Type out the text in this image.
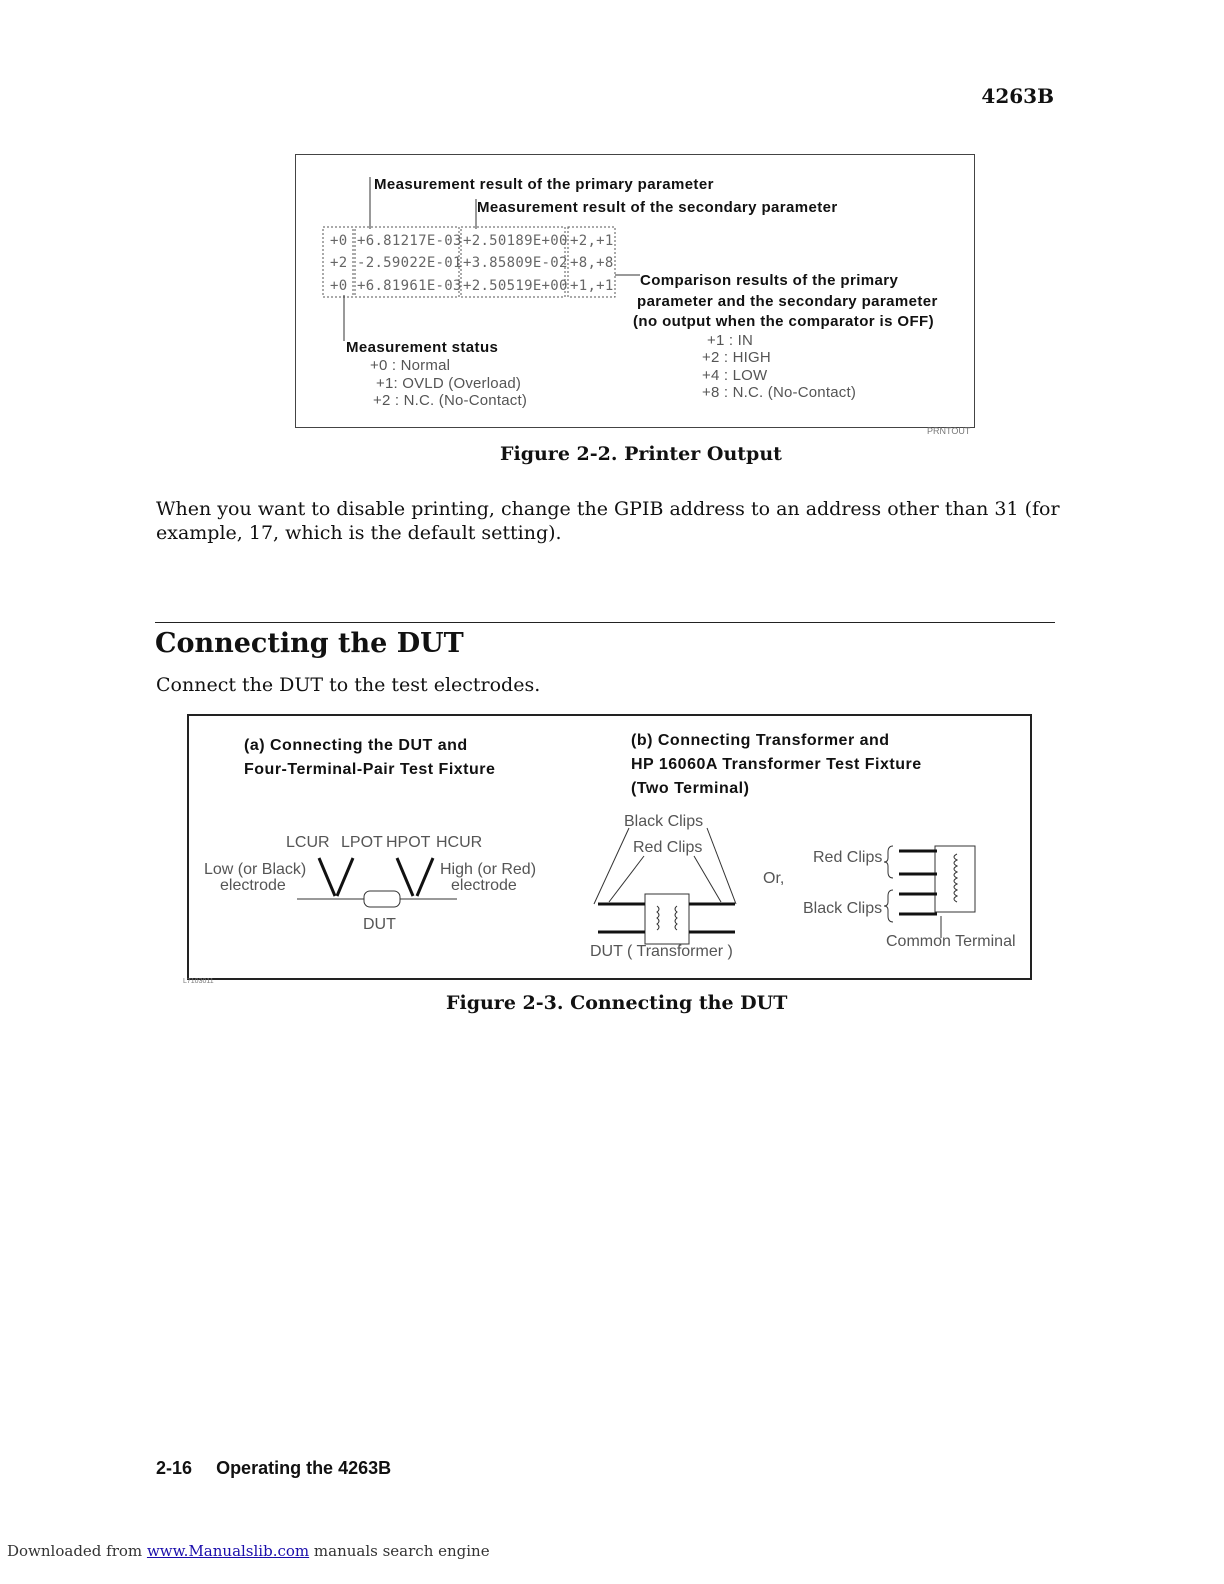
4263B
Measurement result of the primary parameter
Measurement result of the secondary parameter
+0 +6.81217E-03 +2.50189E+00 +2,+1
+2 -2.59022E-01 +3.85809E-02 +8,+8
+0 +6.81961E-03 +2.50519E+00 +1,+1 Comparison results of the primary
parameter and the secondary parameter
(no output when the comparator is OFF)
+1 : IN
+2 : HIGH
+4 : LOW
+8 : N.C. (No-Contact)
Measurement status
+0 : Normal
+1: OVLD (Overload)
+2 : N.C. (No-Contact)
PRNTOUT
Figure 2-2. Printer Output
When you want to disable printing, change the GPIB address to an address other than 31 (for
example, 17, which is the default setting).
Connecting the DUT
Connect the DUT to the test electrodes.
(a) Connecting the DUT and
Four-Terminal-Pair Test Fixture
LCUR LPOT HPOT HCUR
Low (or Black)
electrode
High (or Red)
electrode
DUT
(b) Connecting Transformer and
HP 16060A Transformer Test Fixture
(Two Terminal)
Black Clips
Red Clips
DUT ( Transformer )
Or,
Red Clips
Black Clips
Common Terminal
L7103011
Figure 2-3. Connecting the DUT
2-16 Operating the 4263B
Downloaded from www.Manualslib.com manuals search engine
